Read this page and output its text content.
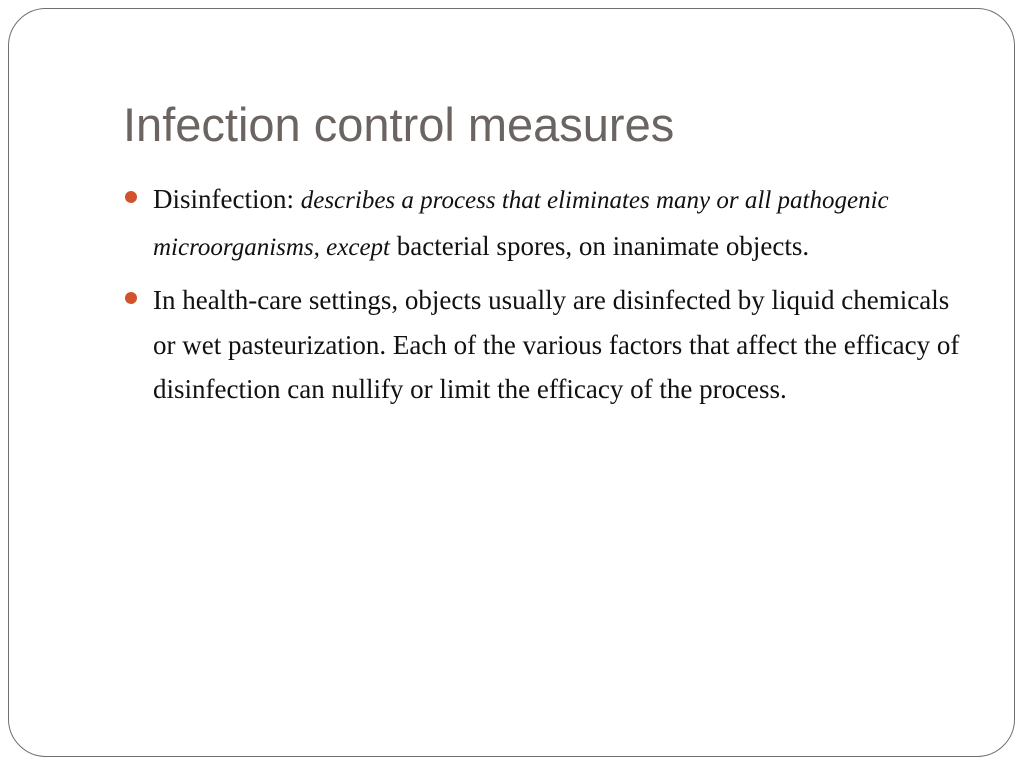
Infection control measures
Disinfection: describes a process that eliminates many or all pathogenic microorganisms, except bacterial spores, on inanimate objects.
In health-care settings, objects usually are disinfected by liquid chemicals or wet pasteurization. Each of the various factors that affect the efficacy of disinfection can nullify or limit the efficacy of the process.
